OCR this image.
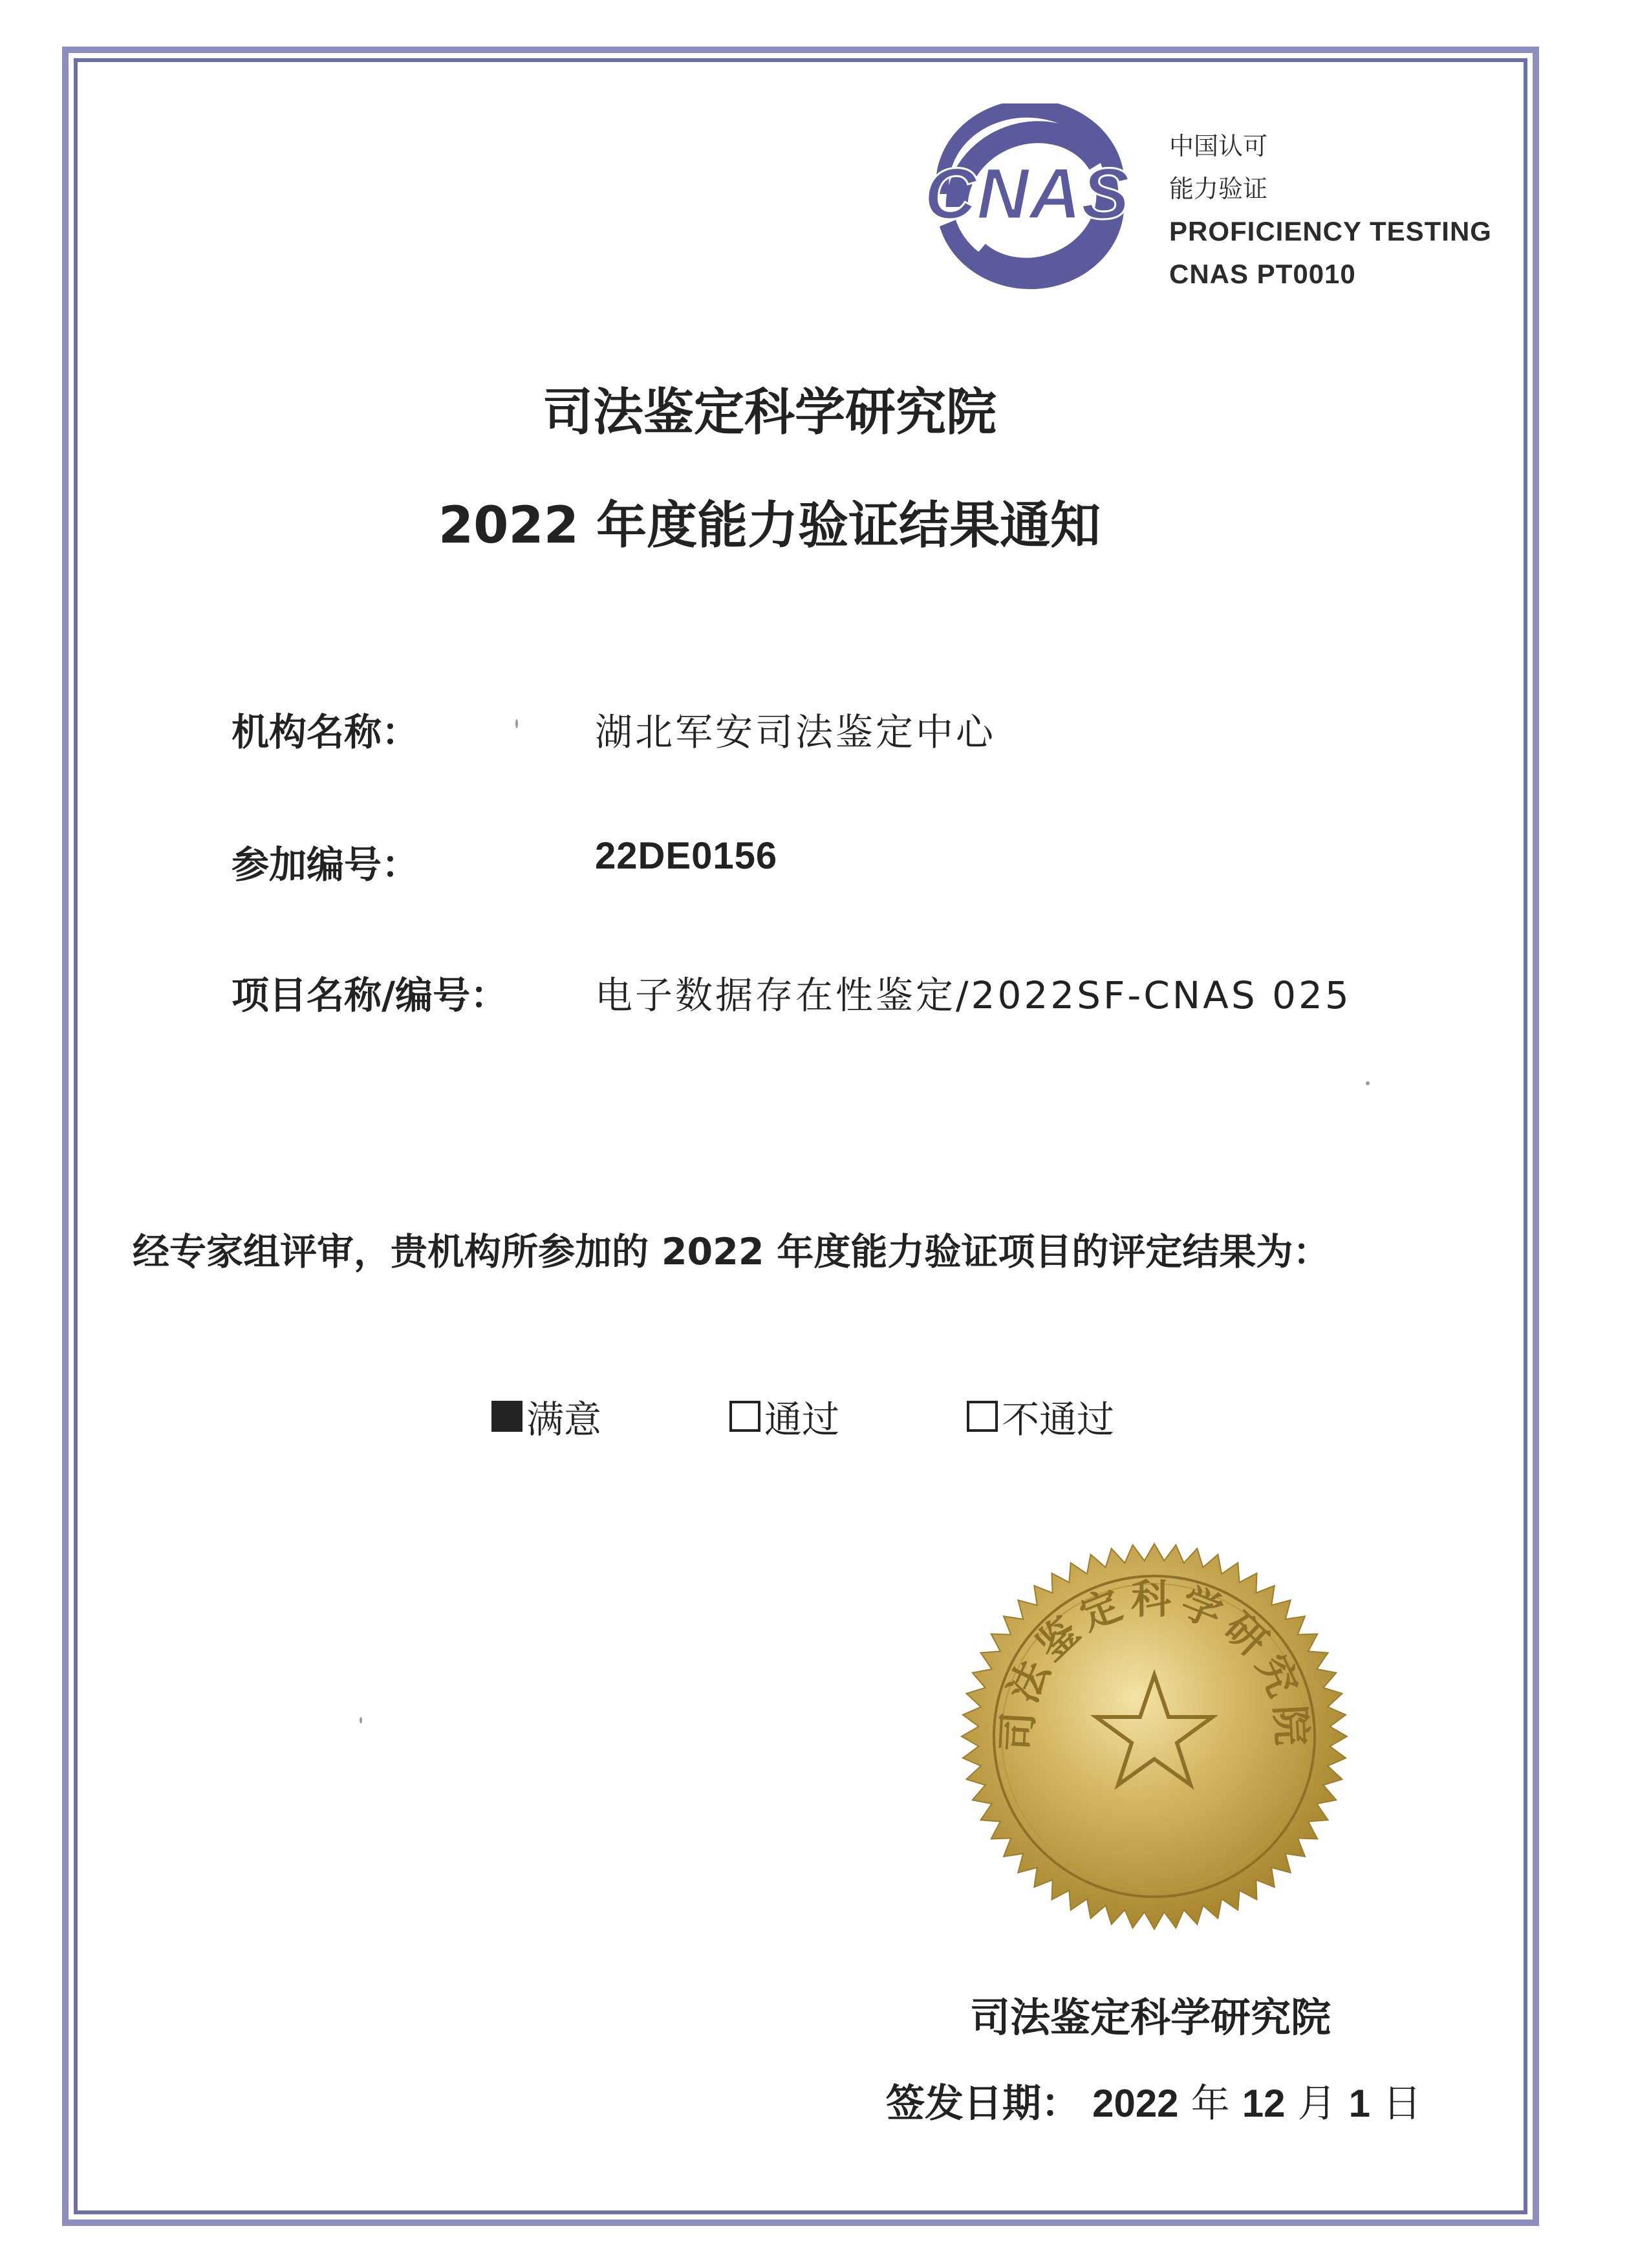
CNAS
中国认可
能力验证
PROFICIENCY TESTING
CNAS PT0010
司法鉴定科学研究院
2022 年度能力验证结果通知
机构名称：	湖北军安司法鉴定中心
参加编号：	22DE0156
项目名称/编号： 电子数据存在性鉴定/2022SF-CNAS 025
经专家组评审，贵机构所参加的 2022 年度能力验证项目的评定结果为：
满意	通过	不通过
司法鉴定科学研究院
司法鉴定科学研究院
签发日期： 2022 年 12 月 1 日
